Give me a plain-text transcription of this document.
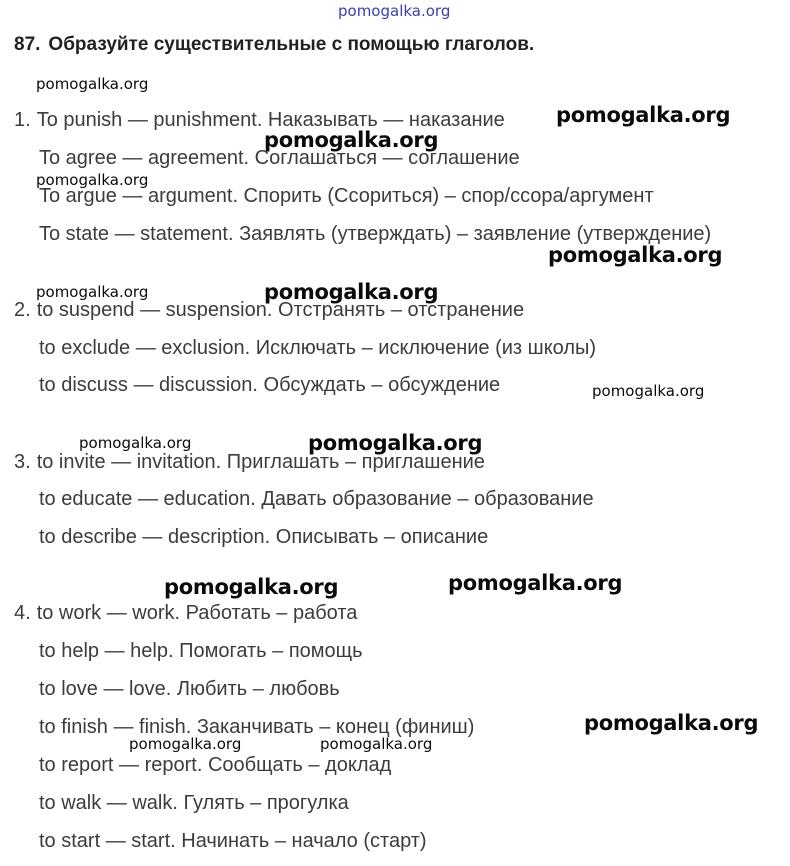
pomogalka.org
87. Образуйте существительные с помощью глаголов.
1. To punish — punishment. Наказывать — наказание
To agree — agreement. Соглашаться — соглашение
To argue — argument. Спорить (Ссориться) – спор/ссора/аргумент
To state — statement. Заявлять (утверждать) – заявление (утверждение)
2. to suspend — suspension. Отстранять – отстранение
to exclude — exclusion. Исключать – исключение (из школы)
to discuss — discussion. Обсуждать – обсуждение
3. to invite — invitation. Приглашать – приглашение
to educate — education. Давать образование – образование
to describe — description. Описывать – описание
4. to work — work. Работать – работа
to help — help. Помогать – помощь
to love — love. Любить – любовь
to finish — finish. Заканчивать – конец (финиш)
to report — report. Сообщать – доклад
to walk — walk. Гулять – прогулка
to start — start. Начинать – начало (старт)
pomogalka.org
pomogalka.org
pomogalka.org
pomogalka.org
pomogalka.org
pomogalka.org	pomogalka.org
pomogalka.org
pomogalka.org	pomogalka.org
pomogalka.org	pomogalka.org
pomogalka.org
pomogalka.org	pomogalka.org
